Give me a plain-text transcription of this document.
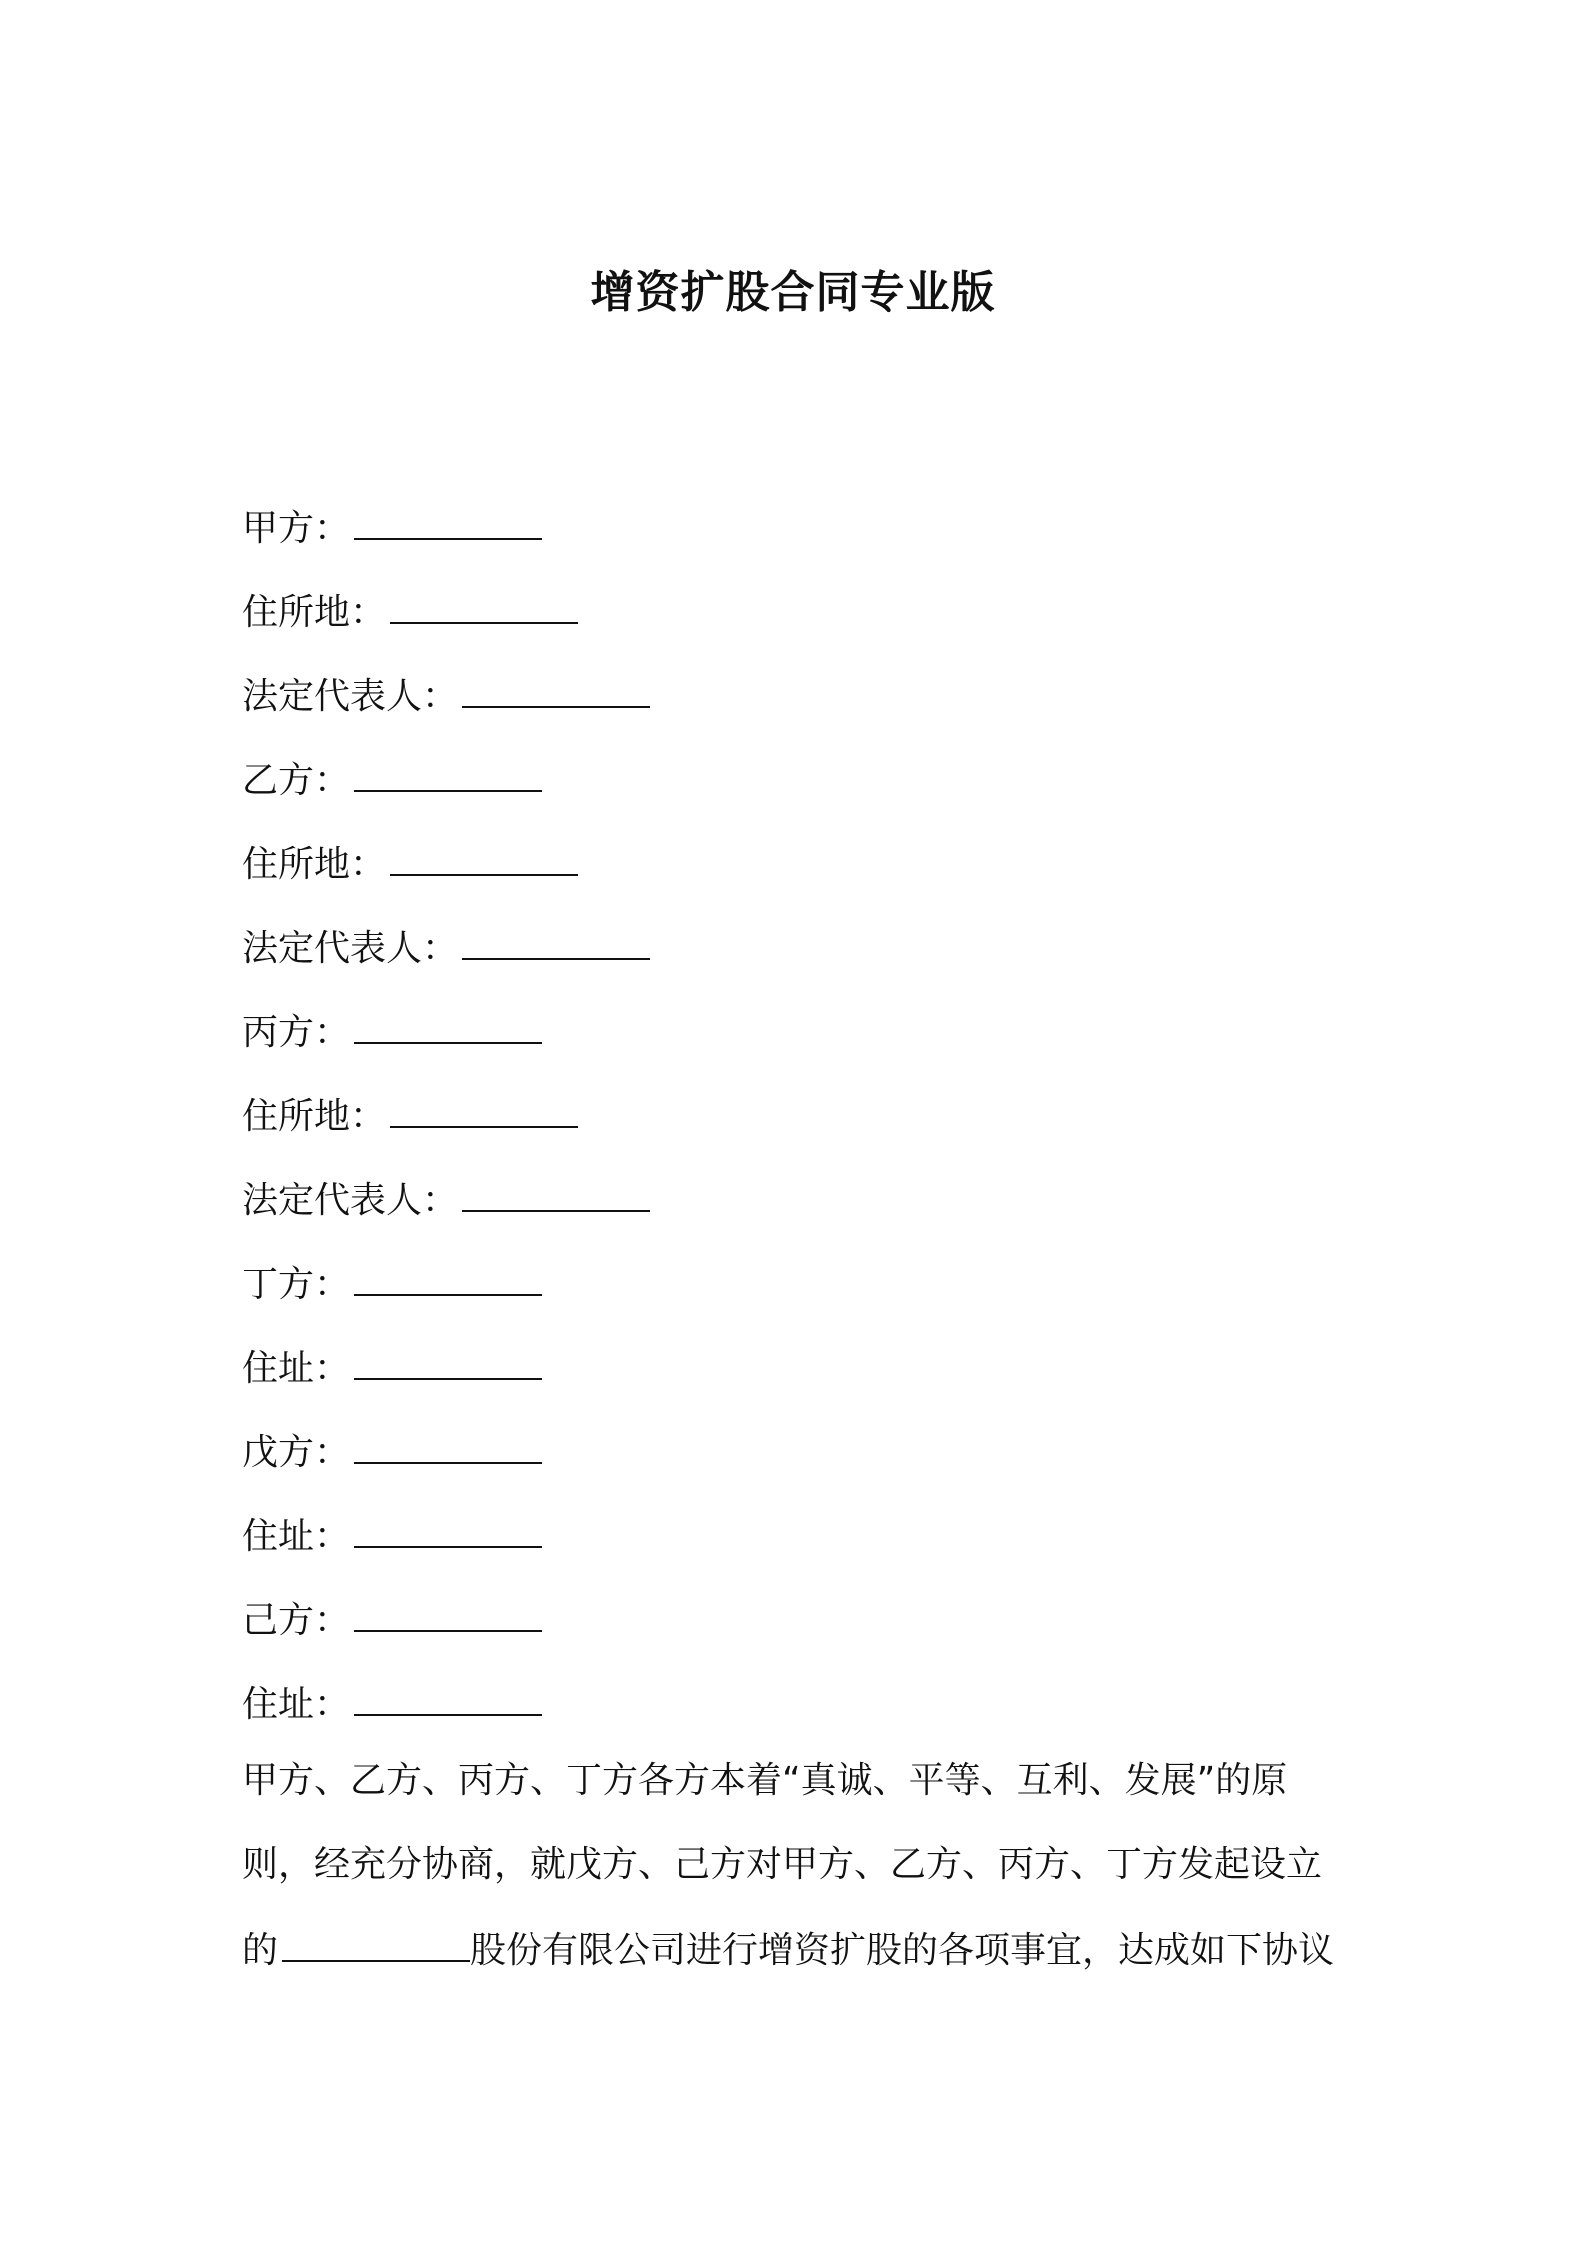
增资扩股合同专业版
甲方：
住所地：
法定代表人：
乙方：
住所地：
法定代表人：
丙方：
住所地：
法定代表人：
丁方：
住址：
戊方：
住址：
己方：
住址：
甲方、乙方、丙方、丁方各方本着“真诚、平等、互利、发展”的原
则，经充分协商，就戊方、己方对甲方、乙方、丙方、丁方发起设立
的	股份有限公司进行增资扩股的各项事宜，达成如下协议
